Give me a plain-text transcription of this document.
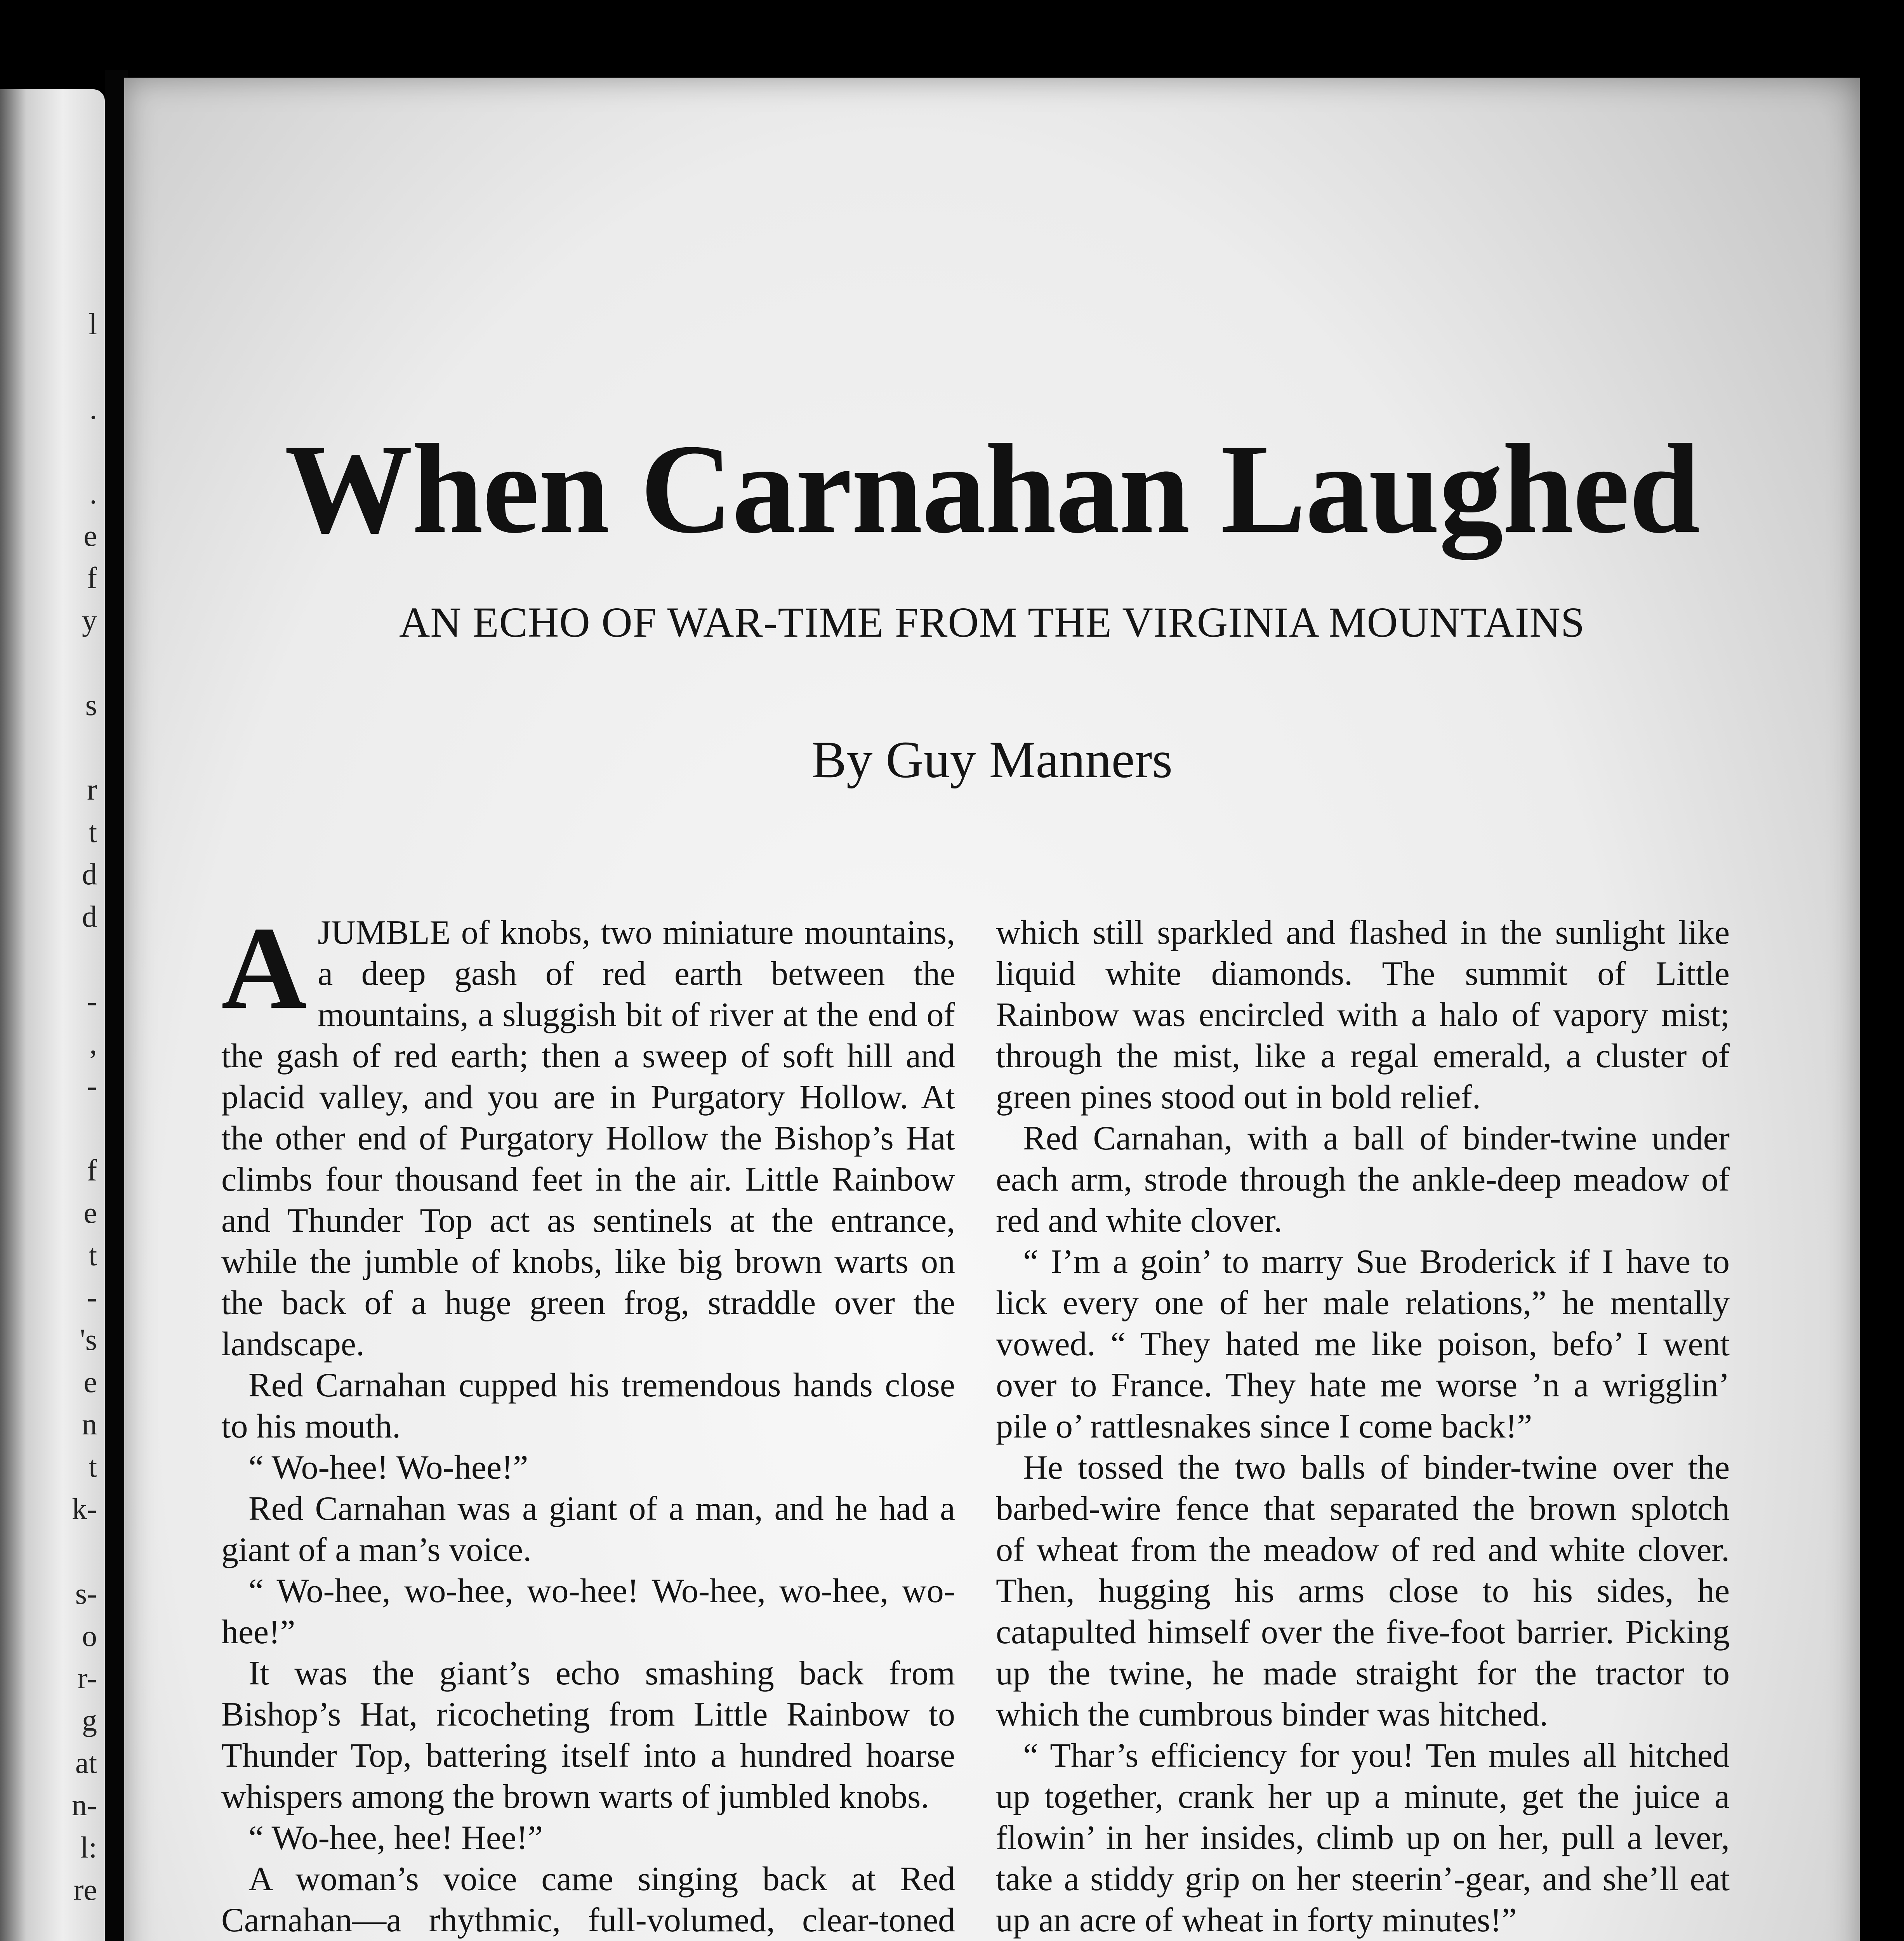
l

.

.
e
f
y

s

r
t
d
d

-
,
-

f
e
t
-
's
e
n
t
k-

s-
o
r-
g
at
n-
l:
re

When Carnahan Laughed
AN ECHO OF WAR-TIME FROM THE VIRGINIA MOUNTAINS
By Guy Manners

AJUMBLE of knobs, two miniature mountains, a deep gash of red earth between the mountains, a sluggish bit of river at the end of the gash of red earth; then a sweep of soft hill and placid valley, and you are in Purgatory Hollow. At the other end of Purgatory Hollow the Bishop’s Hat climbs four thousand feet in the air. Little Rainbow and Thunder Top act as sentinels at the entrance, while the jumble of knobs, like big brown warts on the back of a huge green frog, straddle over the landscape.

Red Carnahan cupped his tremendous hands close to his mouth.

“ Wo-hee! Wo-hee!”

Red Carnahan was a giant of a man, and he had a giant of a man’s voice.

“ Wo-hee, wo-hee, wo-hee! Wo-hee, wo-hee, wo-hee!”

It was the giant’s echo smashing back from Bishop’s Hat, ricocheting from Little Rainbow to Thunder Top, battering itself into a hundred hoarse whispers among the brown warts of jumbled knobs.

“ Wo-hee, hee! Hee!”

A woman’s voice came singing back at Red Carnahan—a rhythmic, full-volumed, clear-toned

which still sparkled and flashed in the sunlight like liquid white diamonds. The summit of Little Rainbow was encircled with a halo of vapory mist; through the mist, like a regal emerald, a cluster of green pines stood out in bold relief.

Red Carnahan, with a ball of binder-twine under each arm, strode through the ankle-deep meadow of red and white clover.

“ I’m a goin’ to marry Sue Broderick if I have to lick every one of her male relations,” he mentally vowed. “ They hated me like poison, befo’ I went over to France. They hate me worse ’n a wrigglin’ pile o’ rattlesnakes since I come back!”

He tossed the two balls of binder-twine over the barbed-wire fence that separated the brown splotch of wheat from the meadow of red and white clover. Then, hugging his arms close to his sides, he catapulted himself over the five-foot barrier. Picking up the twine, he made straight for the tractor to which the cumbrous binder was hitched.

“ Thar’s efficiency for you! Ten mules all hitched up together, crank her up a minute, get the juice a flowin’ in her insides, climb up on her, pull a lever, take a stiddy grip on her steerin’-gear, and she’ll eat up an acre of wheat in forty minutes!”
